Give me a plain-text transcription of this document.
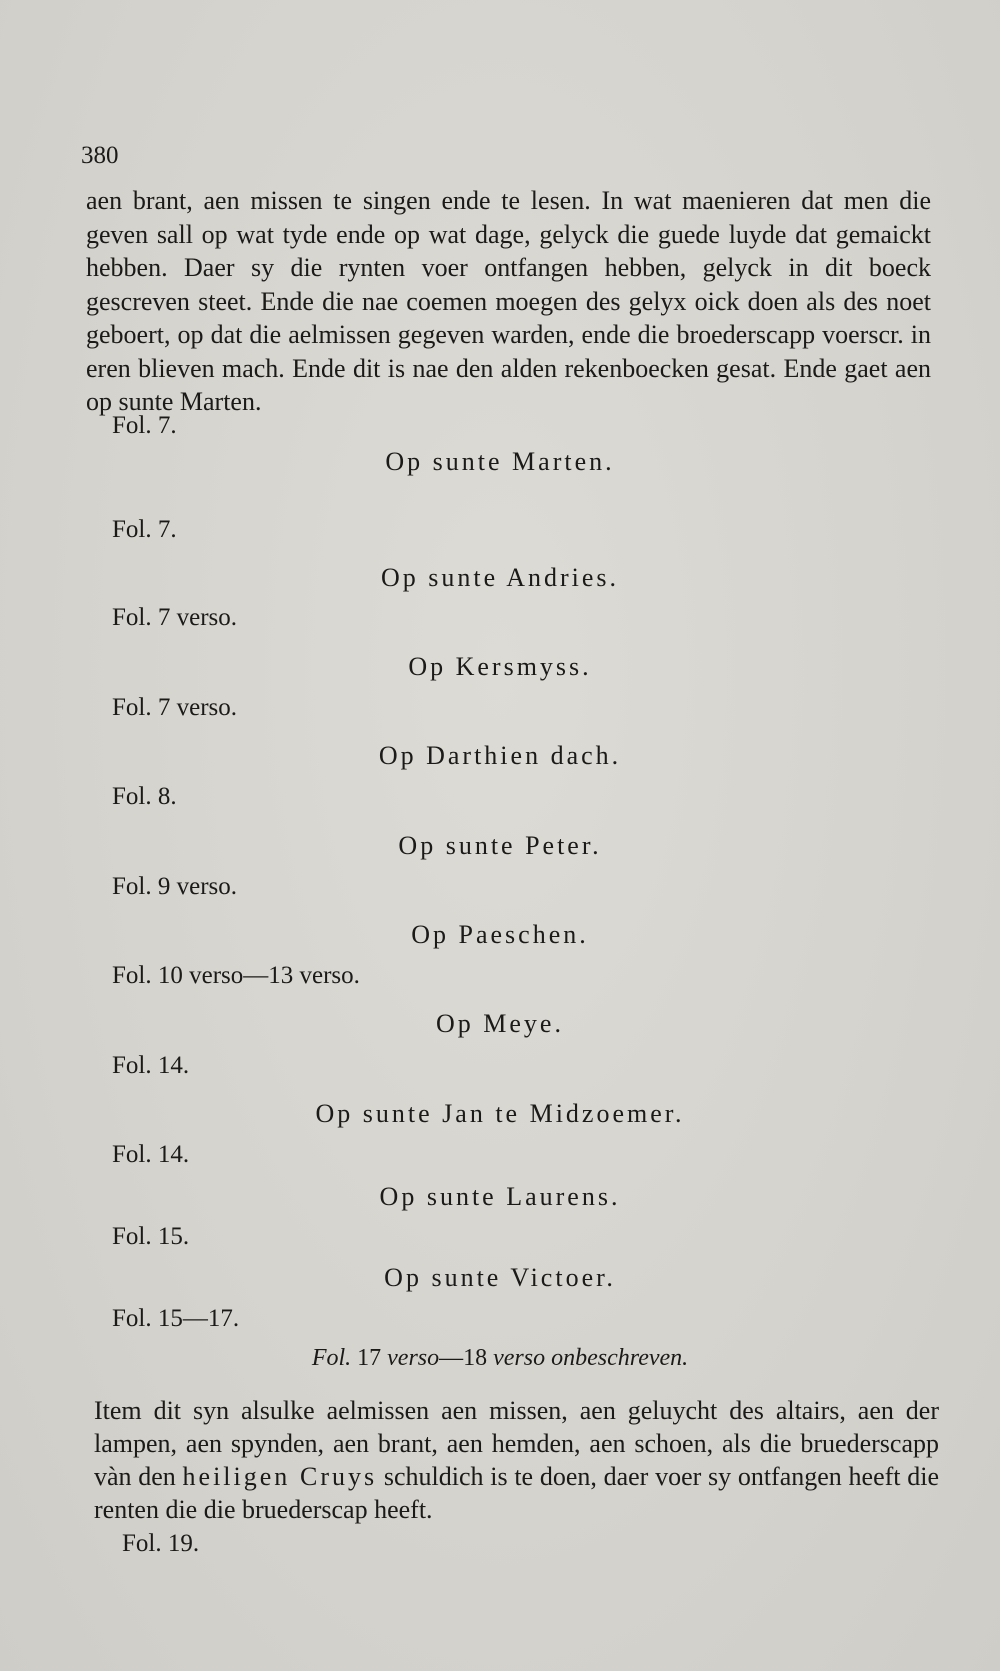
380
aen brant, aen missen te singen ende te lesen. In wat maenieren dat men die geven sall op wat tyde ende op wat dage, gelyck die guede luyde dat gemaickt hebben. Daer sy die rynten voer ontfangen hebben, gelyck in dit boeck gescreven steet. Ende die nae coemen moegen des gelyx oick doen als des noet geboert, op dat die aelmissen gegeven warden, ende die broederscapp voerscr. in eren blieven mach. Ende dit is nae den alden rekenboecken gesat. Ende gaet aen op sunte Marten.
Fol. 7.
Op sunte Marten.
Fol. 7.
Op sunte Andries.
Fol. 7 verso.
Op Kersmyss.
Fol. 7 verso.
Op Darthien dach.
Fol. 8.
Op sunte Peter.
Fol. 9 verso.
Op Paeschen.
Fol. 10 verso—13 verso.
Op Meye.
Fol. 14.
Op sunte Jan te Midzoemer.
Fol. 14.
Op sunte Laurens.
Fol. 15.
Op sunte Victoer.
Fol. 15—17.
Fol. 17 verso—18 verso onbeschreven.
Item dit syn alsulke aelmissen aen missen, aen geluycht des altairs, aen der lampen, aen spynden, aen brant, aen hemden, aen schoen, als die bruederscapp vàn den heiligen Cruys schuldich is te doen, daer voer sy ontfangen heeft die renten die die bruederscap heeft.
Fol. 19.
